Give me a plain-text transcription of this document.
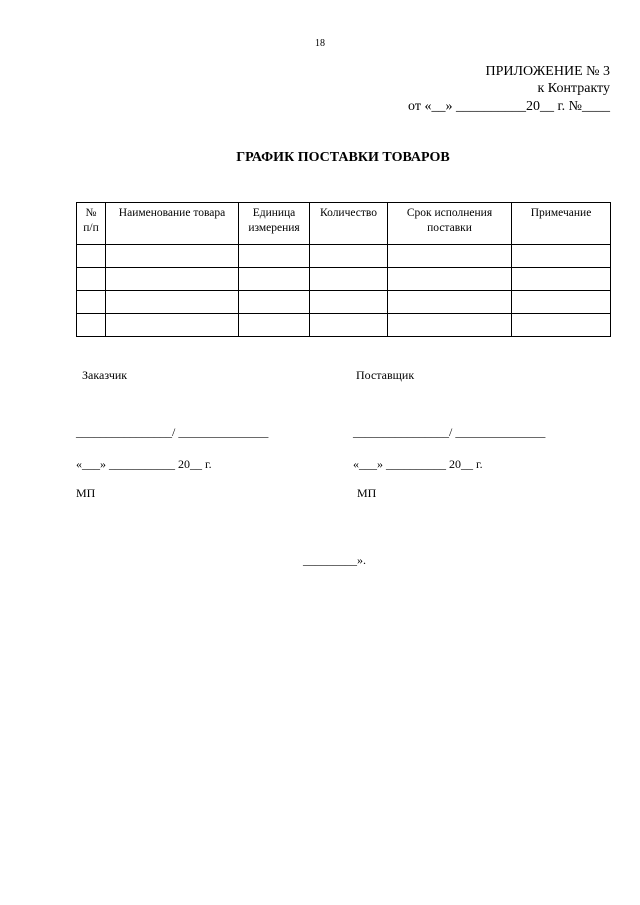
18
ПРИЛОЖЕНИЕ № 3
к Контракту
от «__» __________20__ г. №____
ГРАФИК ПОСТАВКИ ТОВАРОВ
№ п/п	Наименование товара	Единица измерения	Количество	Срок исполнения поставки	Примечание

Заказчик
________________/ _______________
«___» ___________ 20__ г.
МП
Поставщик
________________/ _______________
«___» __________ 20__ г.
МП
_________».
